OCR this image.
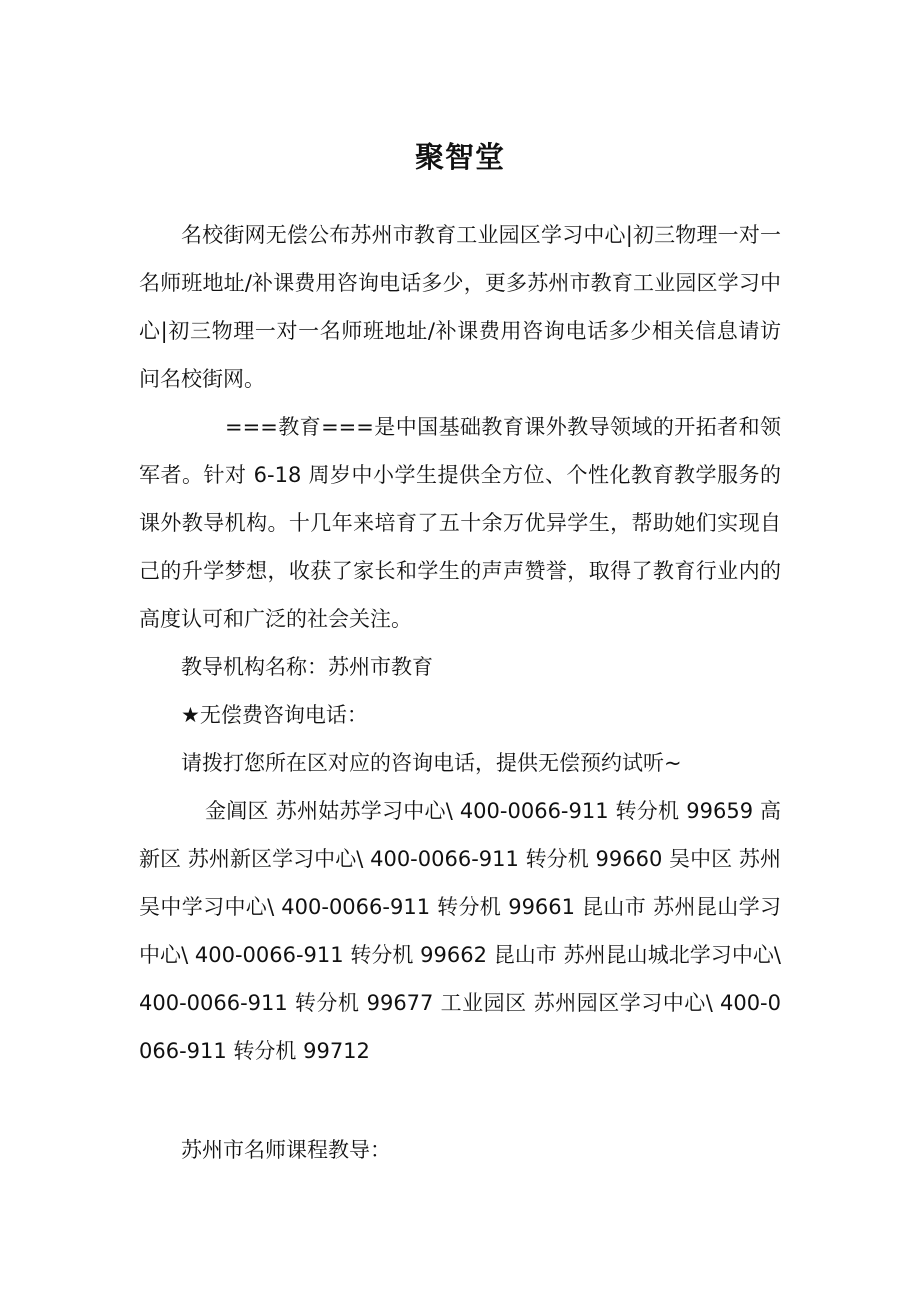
聚智堂

名校街网无偿公布苏州市教育工业园区学习中心|初三物理一对一名师班地址/补课费用咨询电话多少，更多苏州市教育工业园区学习中心|初三物理一对一名师班地址/补课费用咨询电话多少相关信息请访问名校街网。

===教育===是中国基础教育课外教导领域的开拓者和领军者。针对 6-18 周岁中小学生提供全方位、个性化教育教学服务的课外教导机构。十几年来培育了五十余万优异学生，帮助她们实现自己的升学梦想，收获了家长和学生的声声赞誉，取得了教育行业内的高度认可和广泛的社会关注。

教导机构名称：苏州市教育

★无偿费咨询电话：

请拨打您所在区对应的咨询电话，提供无偿预约试听~

金阊区 苏州姑苏学习中心\ 400-0066-911 转分机 99659 高新区 苏州新区学习中心\ 400-0066-911 转分机 99660 吴中区 苏州吴中学习中心\ 400-0066-911 转分机 99661 昆山市 苏州昆山学习中心\ 400-0066-911 转分机 99662 昆山市 苏州昆山城北学习中心\ 400-0066-911 转分机 99677 工业园区 苏州园区学习中心\ 400-0066-911 转分机 99712

苏州市名师课程教导：
